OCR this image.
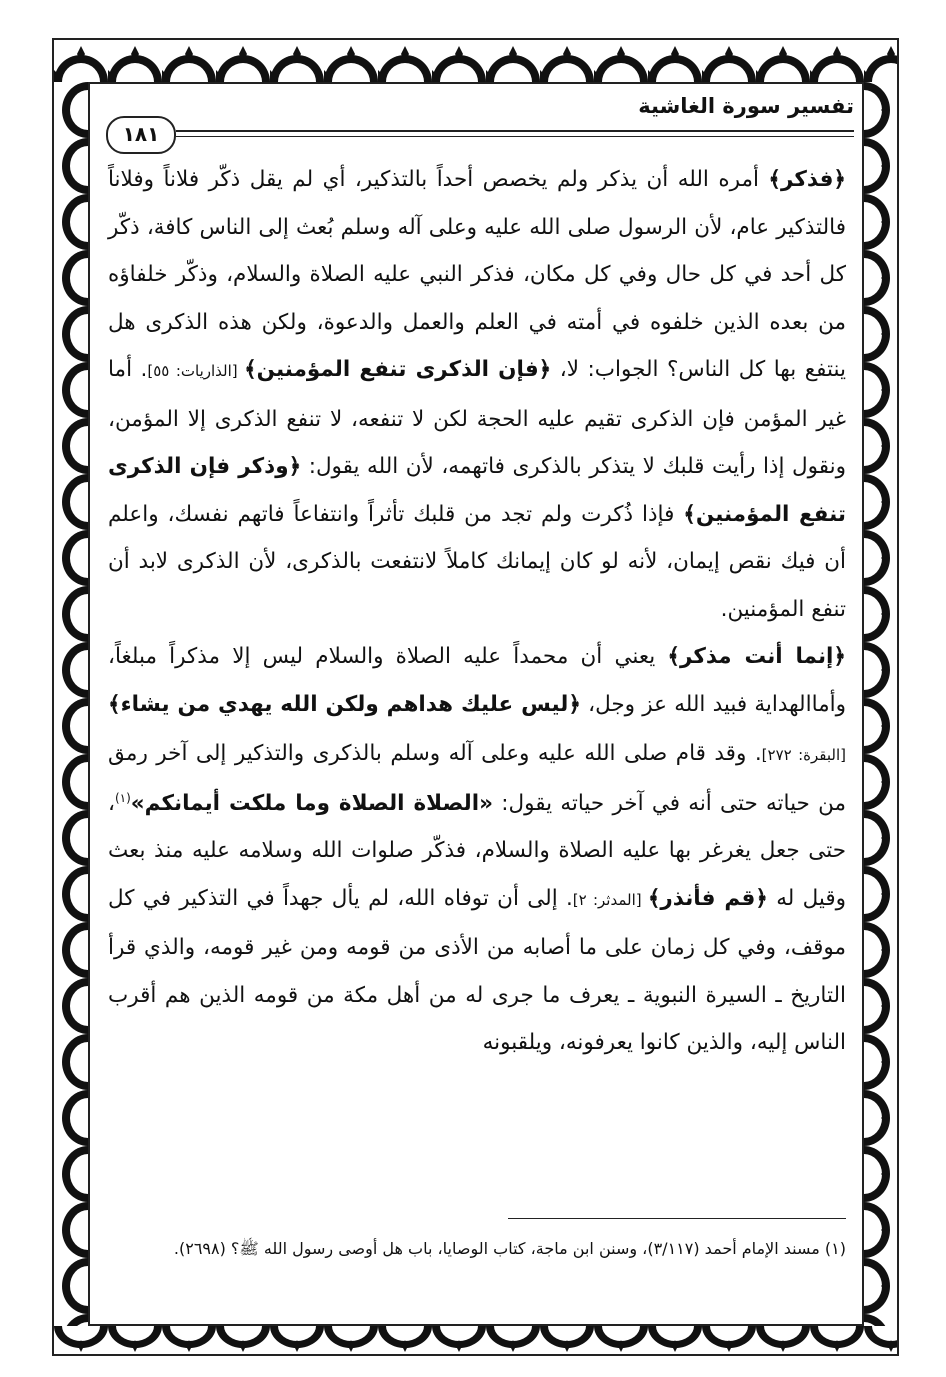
تفسير سورة الغاشية
١٨١

﴿فذكر﴾ أمره الله أن يذكر ولم يخصص أحداً بالتذكير، أي لم يقل ذكّر فلاناً وفلاناً فالتذكير عام، لأن الرسول صلى الله عليه وعلى آله وسلم بُعث إلى الناس كافة، ذكّر كل أحد في كل حال وفي كل مكان، فذكر النبي عليه الصلاة والسلام، وذكّر خلفاؤه من بعده الذين خلفوه في أمته في العلم والعمل والدعوة، ولكن هذه الذكرى هل ينتفع بها كل الناس؟ الجواب: لا، ﴿فإن الذكرى تنفع المؤمنين﴾ [الذاريات: ٥٥]. أما غير المؤمن فإن الذكرى تقيم عليه الحجة لكن لا تنفعه، لا تنفع الذكرى إلا المؤمن، ونقول إذا رأيت قلبك لا يتذكر بالذكرى فاتهمه، لأن الله يقول: ﴿وذكر فإن الذكرى تنفع المؤمنين﴾ فإذا ذُكرت ولم تجد من قلبك تأثراً وانتفاعاً فاتهم نفسك، واعلم أن فيك نقص إيمان، لأنه لو كان إيمانك كاملاً لانتفعت بالذكرى، لأن الذكرى لابد أن تنفع المؤمنين.

﴿إنما أنت مذكر﴾ يعني أن محمداً عليه الصلاة والسلام ليس إلا مذكراً مبلغاً، وأماالهداية فبيد الله عز وجل، ﴿ليس عليك هداهم ولكن الله يهدي من يشاء﴾ [البقرة: ٢٧٢]. وقد قام صلى الله عليه وعلى آله وسلم بالذكرى والتذكير إلى آخر رمق من حياته حتى أنه في آخر حياته يقول: «الصلاة الصلاة وما ملكت أيمانكم»$^{(١)}$، حتى جعل يغرغر بها عليه الصلاة والسلام، فذكّر صلوات الله وسلامه عليه منذ بعث وقيل له ﴿قم فأنذر﴾ [المدثر: ٢]. إلى أن توفاه الله، لم يأل جهداً في التذكير في كل موقف، وفي كل زمان على ما أصابه من الأذى من قومه ومن غير قومه، والذي قرأ التاريخ ـ السيرة النبوية ـ يعرف ما جرى له من أهل مكة من قومه الذين هم أقرب الناس إليه، والذين كانوا يعرفونه، ويلقبونه

(١) مسند الإمام أحمد (٣/١١٧)، وسنن ابن ماجة، كتاب الوصايا، باب هل أوصى رسول الله ﷺ؟ (٢٦٩٨).
